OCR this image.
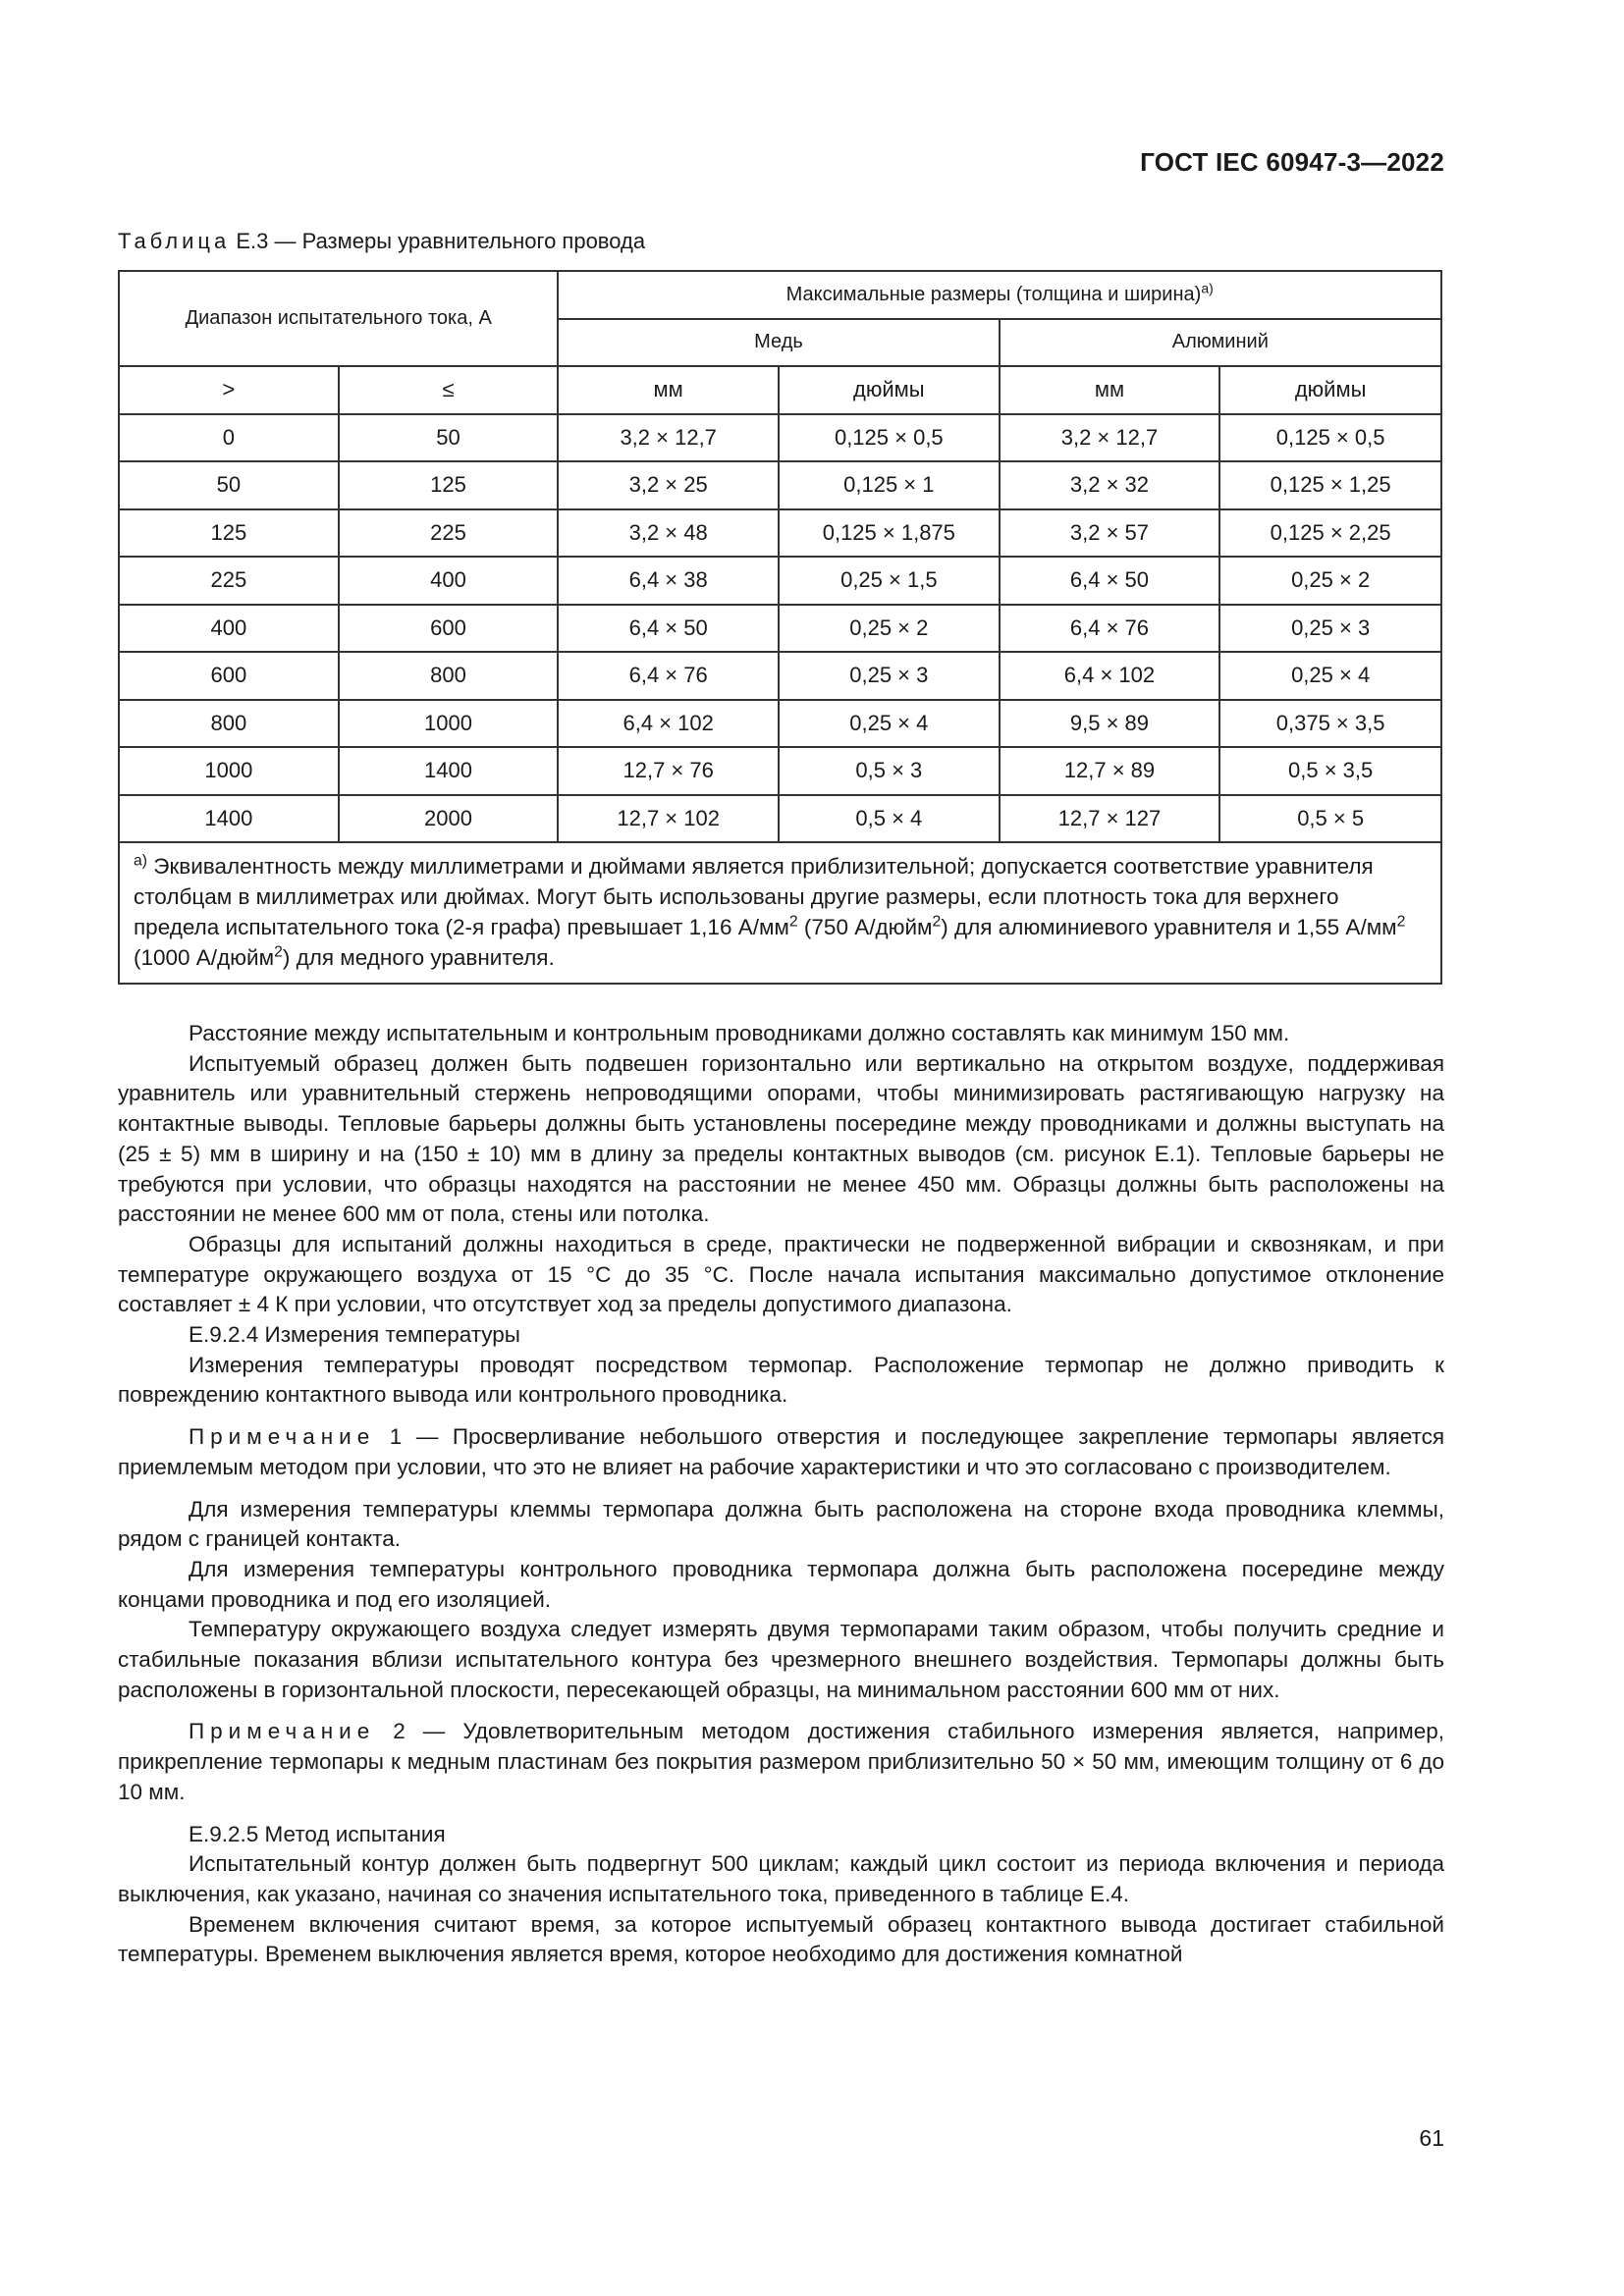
ГОСТ IEC 60947-3—2022
Таблица Е.3 — Размеры уравнительного провода
Диапазон испытательного тока, А		Максимальные размеры (толщина и ширина)$^{а)}$
		Медь		Алюминий	
>	≤	мм	дюймы	мм	дюймы
0	50	3,2 × 12,7	0,125 × 0,5	3,2 × 12,7	0,125 × 0,5
50	125	3,2 × 25	0,125 × 1	3,2 × 32	0,125 × 1,25
125	225	3,2 × 48	0,125 × 1,875	3,2 × 57	0,125 × 2,25
225	400	6,4 × 38	0,25 × 1,5	6,4 × 50	0,25 × 2
400	600	6,4 × 50	0,25 × 2	6,4 × 76	0,25 × 3
600	800	6,4 × 76	0,25 × 3	6,4 × 102	0,25 × 4
800	1000	6,4 × 102	0,25 × 4	9,5 × 89	0,375 × 3,5
1000	1400	12,7 × 76	0,5 × 3	12,7 × 89	0,5 × 3,5
1400	2000	12,7 × 102	0,5 × 4	12,7 × 127	0,5 × 5
$^{а)}$ Эквивалентность между миллиметрами и дюймами является приблизительной; допускается соответствие уравнителя столбцам в миллиметрах или дюймах. Могут быть использованы другие размеры, если плотность тока для верхнего предела испытательного тока (2-я графа) превышает 1,16 $А/мм^2$ (750 А/дюйм$^2$) для алюминиевого уравнителя и 1,55 $А/мм^2$ (1000 А/дюйм$^2$) для медного уравнителя.					

Расстояние между испытательным и контрольным проводниками должно составлять как минимум 150 мм.

Испытуемый образец должен быть подвешен горизонтально или вертикально на открытом воздухе, поддерживая уравнитель или уравнительный стержень непроводящими опорами, чтобы минимизировать растягивающую нагрузку на контактные выводы. Тепловые барьеры должны быть установлены посередине между проводниками и должны выступать на (25 ± 5) мм в ширину и на (150 ± 10) мм в длину за пределы контактных выводов (см. рисунок Е.1). Тепловые барьеры не требуются при условии, что образцы находятся на расстоянии не менее 450 мм. Образцы должны быть расположены на расстоянии не менее 600 мм от пола, стены или потолка.

Образцы для испытаний должны находиться в среде, практически не подверженной вибрации и сквознякам, и при температуре окружающего воздуха от 15 °С до 35 °С. После начала испытания максимально допустимое отклонение составляет ± 4 К при условии, что отсутствует ход за пределы допустимого диапазона.

Е.9.2.4 Измерения температуры

Измерения температуры проводят посредством термопар. Расположение термопар не должно приводить к повреждению контактного вывода или контрольного проводника.

Примечание 1 — Просверливание небольшого отверстия и последующее закрепление термопары является приемлемым методом при условии, что это не влияет на рабочие характеристики и что это согласовано с производителем.

Для измерения температуры клеммы термопара должна быть расположена на стороне входа проводника клеммы, рядом с границей контакта.

Для измерения температуры контрольного проводника термопара должна быть расположена посередине между концами проводника и под его изоляцией.

Температуру окружающего воздуха следует измерять двумя термопарами таким образом, чтобы получить средние и стабильные показания вблизи испытательного контура без чрезмерного внешнего воздействия. Термопары должны быть расположены в горизонтальной плоскости, пересекающей образцы, на минимальном расстоянии 600 мм от них.

Примечание 2 — Удовлетворительным методом достижения стабильного измерения является, например, прикрепление термопары к медным пластинам без покрытия размером приблизительно 50 × 50 мм, имеющим толщину от 6 до 10 мм.

Е.9.2.5 Метод испытания

Испытательный контур должен быть подвергнут 500 циклам; каждый цикл состоит из периода включения и периода выключения, как указано, начиная со значения испытательного тока, приведенного в таблице Е.4.

Временем включения считают время, за которое испытуемый образец контактного вывода достигает стабильной температуры. Временем выключения является время, которое необходимо для достижения комнатной

61
